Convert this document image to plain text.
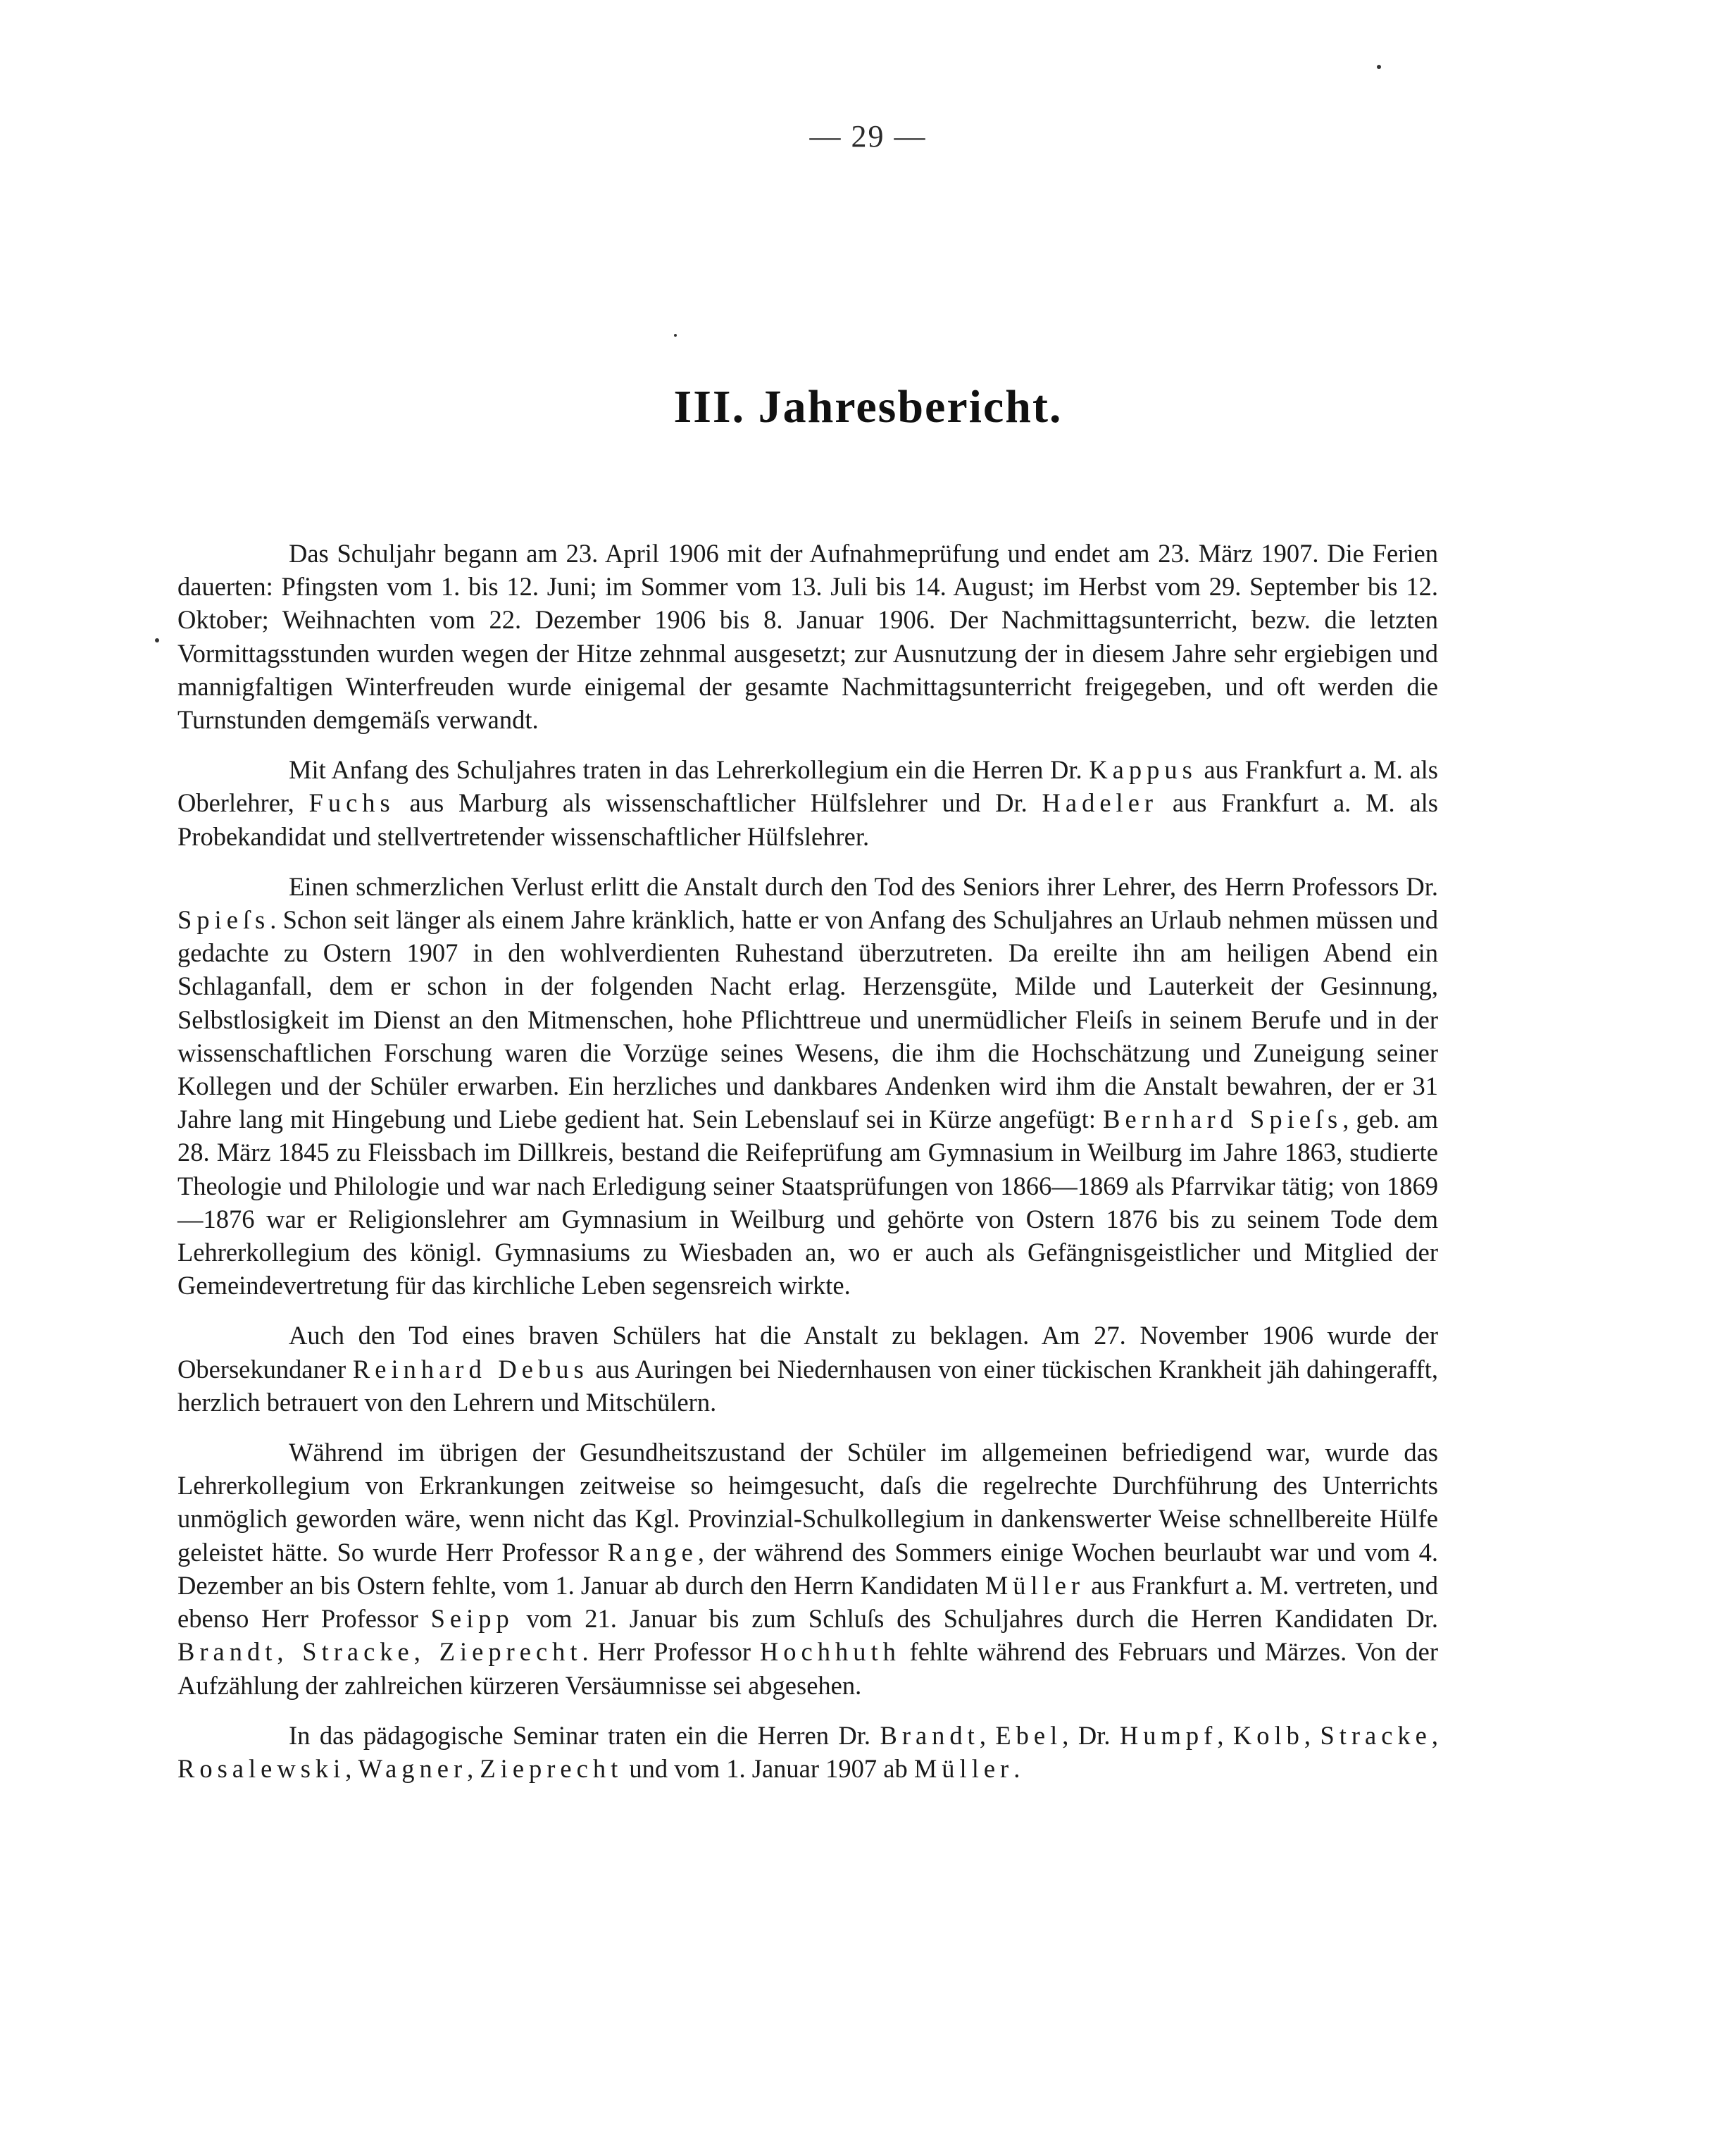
— 29 —
III. Jahresbericht.

Das Schuljahr begann am 23. April 1906 mit der Aufnahmeprüfung und endet am 23. März 1907. Die Ferien dauerten: Pfingsten vom 1. bis 12. Juni; im Sommer vom 13. Juli bis 14. August; im Herbst vom 29. September bis 12. Oktober; Weihnachten vom 22. Dezember 1906 bis 8. Januar 1906. Der Nachmittagsunterricht, bezw. die letzten Vormittagsstunden wurden wegen der Hitze zehnmal ausgesetzt; zur Ausnutzung der in diesem Jahre sehr ergiebigen und mannigfaltigen Winterfreuden wurde einigemal der gesamte Nachmittagsunterricht freigegeben, und oft werden die Turnstunden demgemäſs verwandt.

Mit Anfang des Schuljahres traten in das Lehrerkollegium ein die Herren Dr. Kappus aus Frankfurt a. M. als Oberlehrer, Fuchs aus Marburg als wissenschaftlicher Hülfslehrer und Dr. Hadeler aus Frankfurt a. M. als Probekandidat und stellvertretender wissenschaftlicher Hülfslehrer.

Einen schmerzlichen Verlust erlitt die Anstalt durch den Tod des Seniors ihrer Lehrer, des Herrn Professors Dr. Spieſs. Schon seit länger als einem Jahre kränklich, hatte er von Anfang des Schuljahres an Urlaub nehmen müssen und gedachte zu Ostern 1907 in den wohlverdienten Ruhestand überzutreten. Da ereilte ihn am heiligen Abend ein Schlaganfall, dem er schon in der folgenden Nacht erlag. Herzensgüte, Milde und Lauterkeit der Gesinnung, Selbstlosigkeit im Dienst an den Mitmenschen, hohe Pflichttreue und unermüdlicher Fleiſs in seinem Berufe und in der wissenschaftlichen Forschung waren die Vorzüge seines Wesens, die ihm die Hochschätzung und Zuneigung seiner Kollegen und der Schüler erwarben. Ein herzliches und dankbares Andenken wird ihm die Anstalt bewahren, der er 31 Jahre lang mit Hingebung und Liebe gedient hat. Sein Lebenslauf sei in Kürze angefügt: Bernhard Spieſs, geb. am 28. März 1845 zu Fleissbach im Dillkreis, bestand die Reifeprüfung am Gymnasium in Weilburg im Jahre 1863, studierte Theologie und Philologie und war nach Erledigung seiner Staatsprüfungen von 1866—1869 als Pfarrvikar tätig; von 1869—1876 war er Religionslehrer am Gymnasium in Weilburg und gehörte von Ostern 1876 bis zu seinem Tode dem Lehrerkollegium des königl. Gymnasiums zu Wiesbaden an, wo er auch als Gefängnisgeistlicher und Mitglied der Gemeindevertretung für das kirchliche Leben segensreich wirkte.

Auch den Tod eines braven Schülers hat die Anstalt zu beklagen. Am 27. November 1906 wurde der Obersekundaner Reinhard Debus aus Auringen bei Niedernhausen von einer tückischen Krankheit jäh dahingerafft, herzlich betrauert von den Lehrern und Mitschülern.

Während im übrigen der Gesundheitszustand der Schüler im allgemeinen befriedigend war, wurde das Lehrerkollegium von Erkrankungen zeitweise so heimgesucht, daſs die regelrechte Durchführung des Unterrichts unmöglich geworden wäre, wenn nicht das Kgl. Provinzial-Schulkollegium in dankenswerter Weise schnellbereite Hülfe geleistet hätte. So wurde Herr Professor Range, der während des Sommers einige Wochen beurlaubt war und vom 4. Dezember an bis Ostern fehlte, vom 1. Januar ab durch den Herrn Kandidaten Müller aus Frankfurt a. M. vertreten, und ebenso Herr Professor Seipp vom 21. Januar bis zum Schluſs des Schuljahres durch die Herren Kandidaten Dr. Brandt, Stracke, Zieprecht. Herr Professor Hochhuth fehlte während des Februars und Märzes. Von der Aufzählung der zahlreichen kürzeren Versäumnisse sei abgesehen.

In das pädagogische Seminar traten ein die Herren Dr. Brandt, Ebel, Dr. Humpf, Kolb, Stracke, Rosalewski, Wagner, Zieprecht und vom 1. Januar 1907 ab Müller.
